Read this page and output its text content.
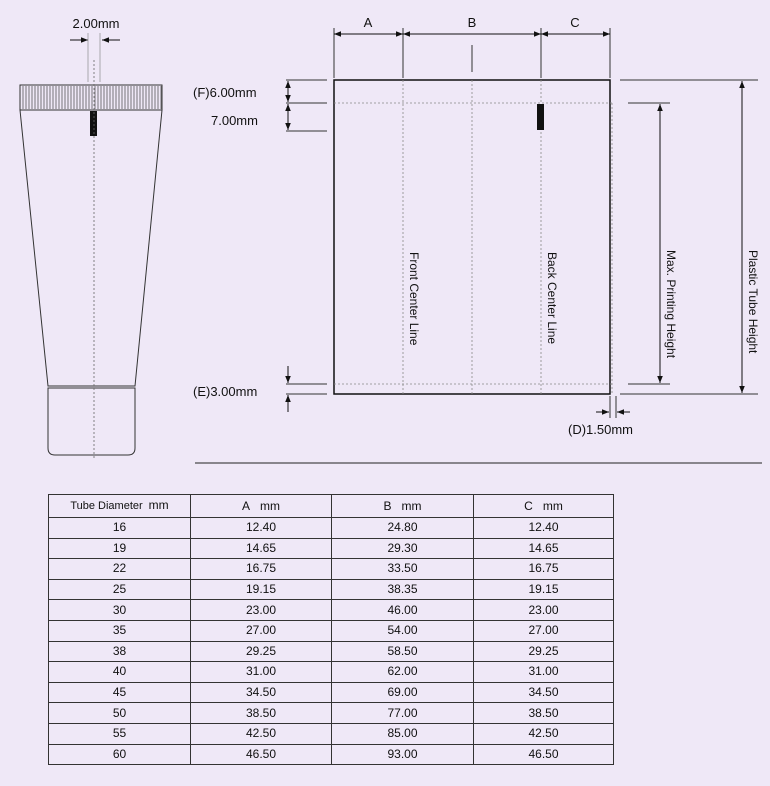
2.00mm	A	B	C
Front Center Line	Back Center Line
(F)6.00mm
7.00mm
(E)3.00mm
(D)1.50mm
Max. Printing Height	Plastic Tube Height
Tube Diameter mm	A mm	B mm	C mm
16	12.40	24.80	12.40
19	14.65	29.30	14.65
22	16.75	33.50	16.75
25	19.15	38.35	19.15
30	23.00	46.00	23.00
35	27.00	54.00	27.00
38	29.25	58.50	29.25
40	31.00	62.00	31.00
45	34.50	69.00	34.50
50	38.50	77.00	38.50
55	42.50	85.00	42.50
60	46.50	93.00	46.50
